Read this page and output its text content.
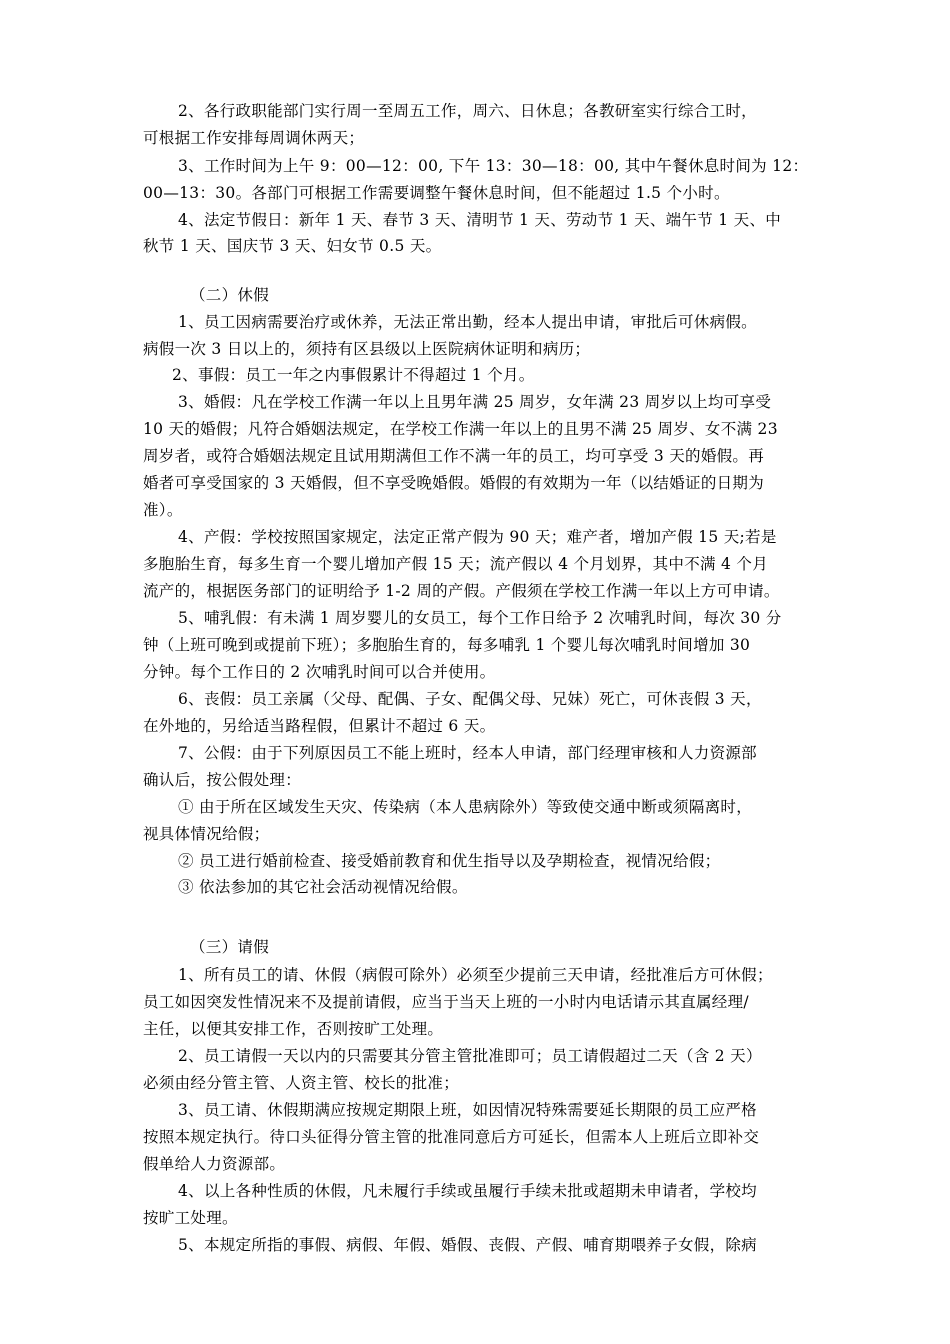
2、各行政职能部门实行周一至周五工作，周六、日休息；各教研室实行综合工时，
可根据工作安排每周调休两天；
3、工作时间为上午 9：00—12：00, 下午 13：30—18：00, 其中午餐休息时间为 12：
00—13：30。各部门可根据工作需要调整午餐休息时间，但不能超过 1.5 个小时。
4、法定节假日：新年 1 天、春节 3 天、清明节 1 天、劳动节 1 天、端午节 1 天、中
秋节 1 天、国庆节 3 天、妇女节 0.5 天。
（二）休假
1、员工因病需要治疗或休养，无法正常出勤，经本人提出申请，审批后可休病假。
病假一次 3 日以上的，须持有区县级以上医院病休证明和病历；
2、事假：员工一年之内事假累计不得超过 1 个月。
3、婚假：凡在学校工作满一年以上且男年满 25 周岁，女年满 23 周岁以上均可享受
10 天的婚假；凡符合婚姻法规定，在学校工作满一年以上的且男不满 25 周岁、女不满 23
周岁者，或符合婚姻法规定且试用期满但工作不满一年的员工，均可享受 3 天的婚假。再
婚者可享受国家的 3 天婚假，但不享受晚婚假。婚假的有效期为一年（以结婚证的日期为
准）。
4、产假：学校按照国家规定，法定正常产假为 90 天；难产者，增加产假 15 天;若是
多胞胎生育，每多生育一个婴儿增加产假 15 天；流产假以 4 个月划界，其中不满 4 个月
流产的，根据医务部门的证明给予 1-2 周的产假。产假须在学校工作满一年以上方可申请。
5、哺乳假：有未满 1 周岁婴儿的女员工，每个工作日给予 2 次哺乳时间，每次 30 分
钟（上班可晚到或提前下班）；多胞胎生育的，每多哺乳 1 个婴儿每次哺乳时间增加 30
分钟。每个工作日的 2 次哺乳时间可以合并使用。
6、丧假：员工亲属（父母、配偶、子女、配偶父母、兄妹）死亡，可休丧假 3 天，
在外地的，另给适当路程假，但累计不超过 6 天。
7、公假：由于下列原因员工不能上班时，经本人申请，部门经理审核和人力资源部
确认后，按公假处理：
① 由于所在区域发生天灾、传染病（本人患病除外）等致使交通中断或须隔离时，
视具体情况给假；
② 员工进行婚前检查、接受婚前教育和优生指导以及孕期检查，视情况给假；
③ 依法参加的其它社会活动视情况给假。
（三）请假
1、所有员工的请、休假（病假可除外）必须至少提前三天申请，经批准后方可休假；
员工如因突发性情况来不及提前请假，应当于当天上班的一小时内电话请示其直属经理/
主任，以便其安排工作，否则按旷工处理。
2、员工请假一天以内的只需要其分管主管批准即可；员工请假超过二天（含 2 天）
必须由经分管主管、人资主管、校长的批准；
3、员工请、休假期满应按规定期限上班，如因情况特殊需要延长期限的员工应严格
按照本规定执行。待口头征得分管主管的批准同意后方可延长，但需本人上班后立即补交
假单给人力资源部。
4、以上各种性质的休假，凡未履行手续或虽履行手续未批或超期未申请者，学校均
按旷工处理。
5、本规定所指的事假、病假、年假、婚假、丧假、产假、哺育期喂养子女假，除病
